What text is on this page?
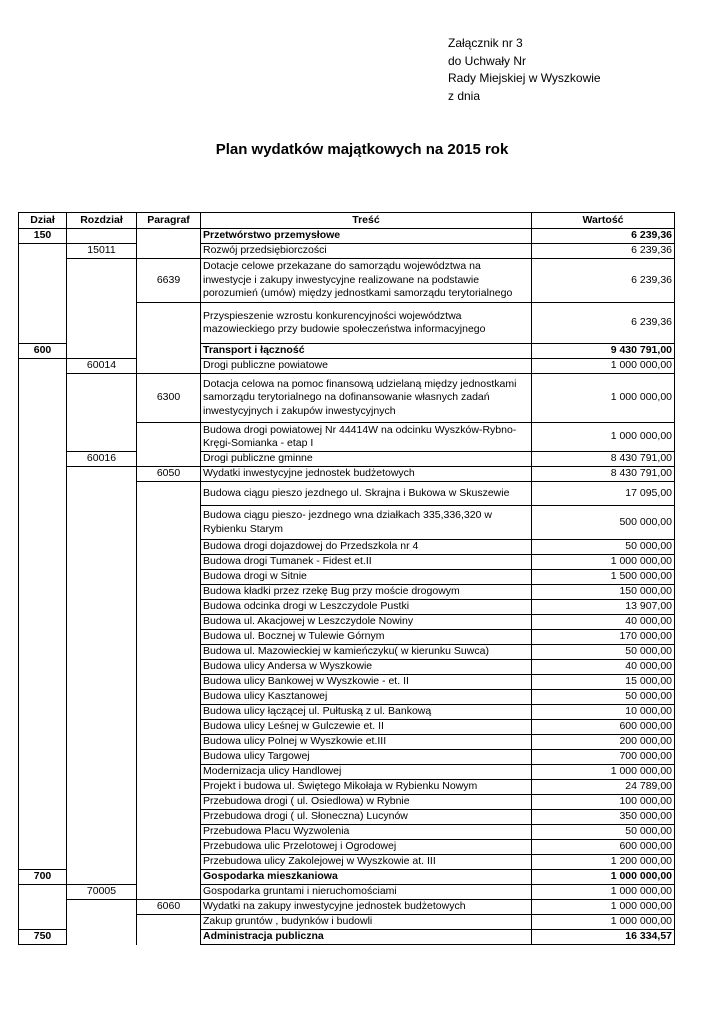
Załącznik nr 3
do Uchwały Nr
Rady Miejskiej w Wyszkowie
z dnia
Plan wydatków majątkowych na 2015 rok
Dział	Rozdział	Paragraf	Treść	Wartość
150			Przetwórstwo przemysłowe	6 239,36
	15011		Rozwój przedsiębiorczości	6 239,36
		6639	Dotacje celowe przekazane do samorządu województwa na inwestycje i zakupy inwestycyjne realizowane na podstawie porozumień (umów) między jednostkami samorządu terytorialnego	6 239,36
			Przyspieszenie wzrostu konkurencyjności województwa mazowieckiego przy budowie społeczeństwa informacyjnego	6 239,36
600			Transport i łączność	9 430 791,00
	60014		Drogi publiczne powiatowe	1 000 000,00
		6300	Dotacja celowa na pomoc finansową udzielaną między jednostkami samorządu terytorialnego na dofinansowanie własnych zadań inwestycyjnych i zakupów inwestycyjnych	1 000 000,00
			Budowa drogi powiatowej Nr 44414W na odcinku Wyszków-Rybno-Kręgi-Somianka - etap I	1 000 000,00
	60016		Drogi publiczne gminne	8 430 791,00
		6050	Wydatki inwestycyjne jednostek budżetowych	8 430 791,00
			Budowa ciągu pieszo jezdnego ul. Skrajna i Bukowa w Skuszewie	17 095,00
			Budowa ciągu pieszo- jezdnego wna działkach 335,336,320 w Rybienku Starym	500 000,00
			Budowa drogi dojazdowej do Przedszkola nr 4	50 000,00
			Budowa drogi Tumanek - Fidest et.II	1 000 000,00
			Budowa drogi w Sitnie	1 500 000,00
			Budowa kładki przez rzekę Bug przy moście drogowym	150 000,00
			Budowa odcinka drogi w Leszczydole Pustki	13 907,00
			Budowa ul. Akacjowej w Leszczydole Nowiny	40 000,00
			Budowa ul. Bocznej w Tulewie Górnym	170 000,00
			Budowa ul. Mazowieckiej w kamieńczyku( w kierunku Suwca)	50 000,00
			Budowa ulicy Andersa w Wyszkowie	40 000,00
			Budowa ulicy Bankowej w Wyszkowie - et. II	15 000,00
			Budowa ulicy Kasztanowej	50 000,00
			Budowa ulicy łączącej ul. Pułtuską z ul. Bankową	10 000,00
			Budowa ulicy Leśnej w Gulczewie et. II	600 000,00
			Budowa ulicy Polnej w Wyszkowie et.III	200 000,00
			Budowa ulicy Targowej	700 000,00
			Modernizacja ulicy Handlowej	1 000 000,00
			Projekt i budowa ul. Świętego Mikołaja w Rybienku Nowym	24 789,00
			Przebudowa drogi ( ul. Osiedlowa) w Rybnie	100 000,00
			Przebudowa drogi ( ul. Słoneczna) Lucynów	350 000,00
			Przebudowa Placu Wyzwolenia	50 000,00
			Przebudowa ulic Przelotowej i Ogrodowej	600 000,00
			Przebudowa ulicy Zakolejowej w Wyszkowie at. III	1 200 000,00
700			Gospodarka mieszkaniowa	1 000 000,00
	70005		Gospodarka gruntami i nieruchomościami	1 000 000,00
		6060	Wydatki na zakupy inwestycyjne jednostek budżetowych	1 000 000,00
			Zakup gruntów , budynków i budowli	1 000 000,00
750			Administracja publiczna	16 334,57
